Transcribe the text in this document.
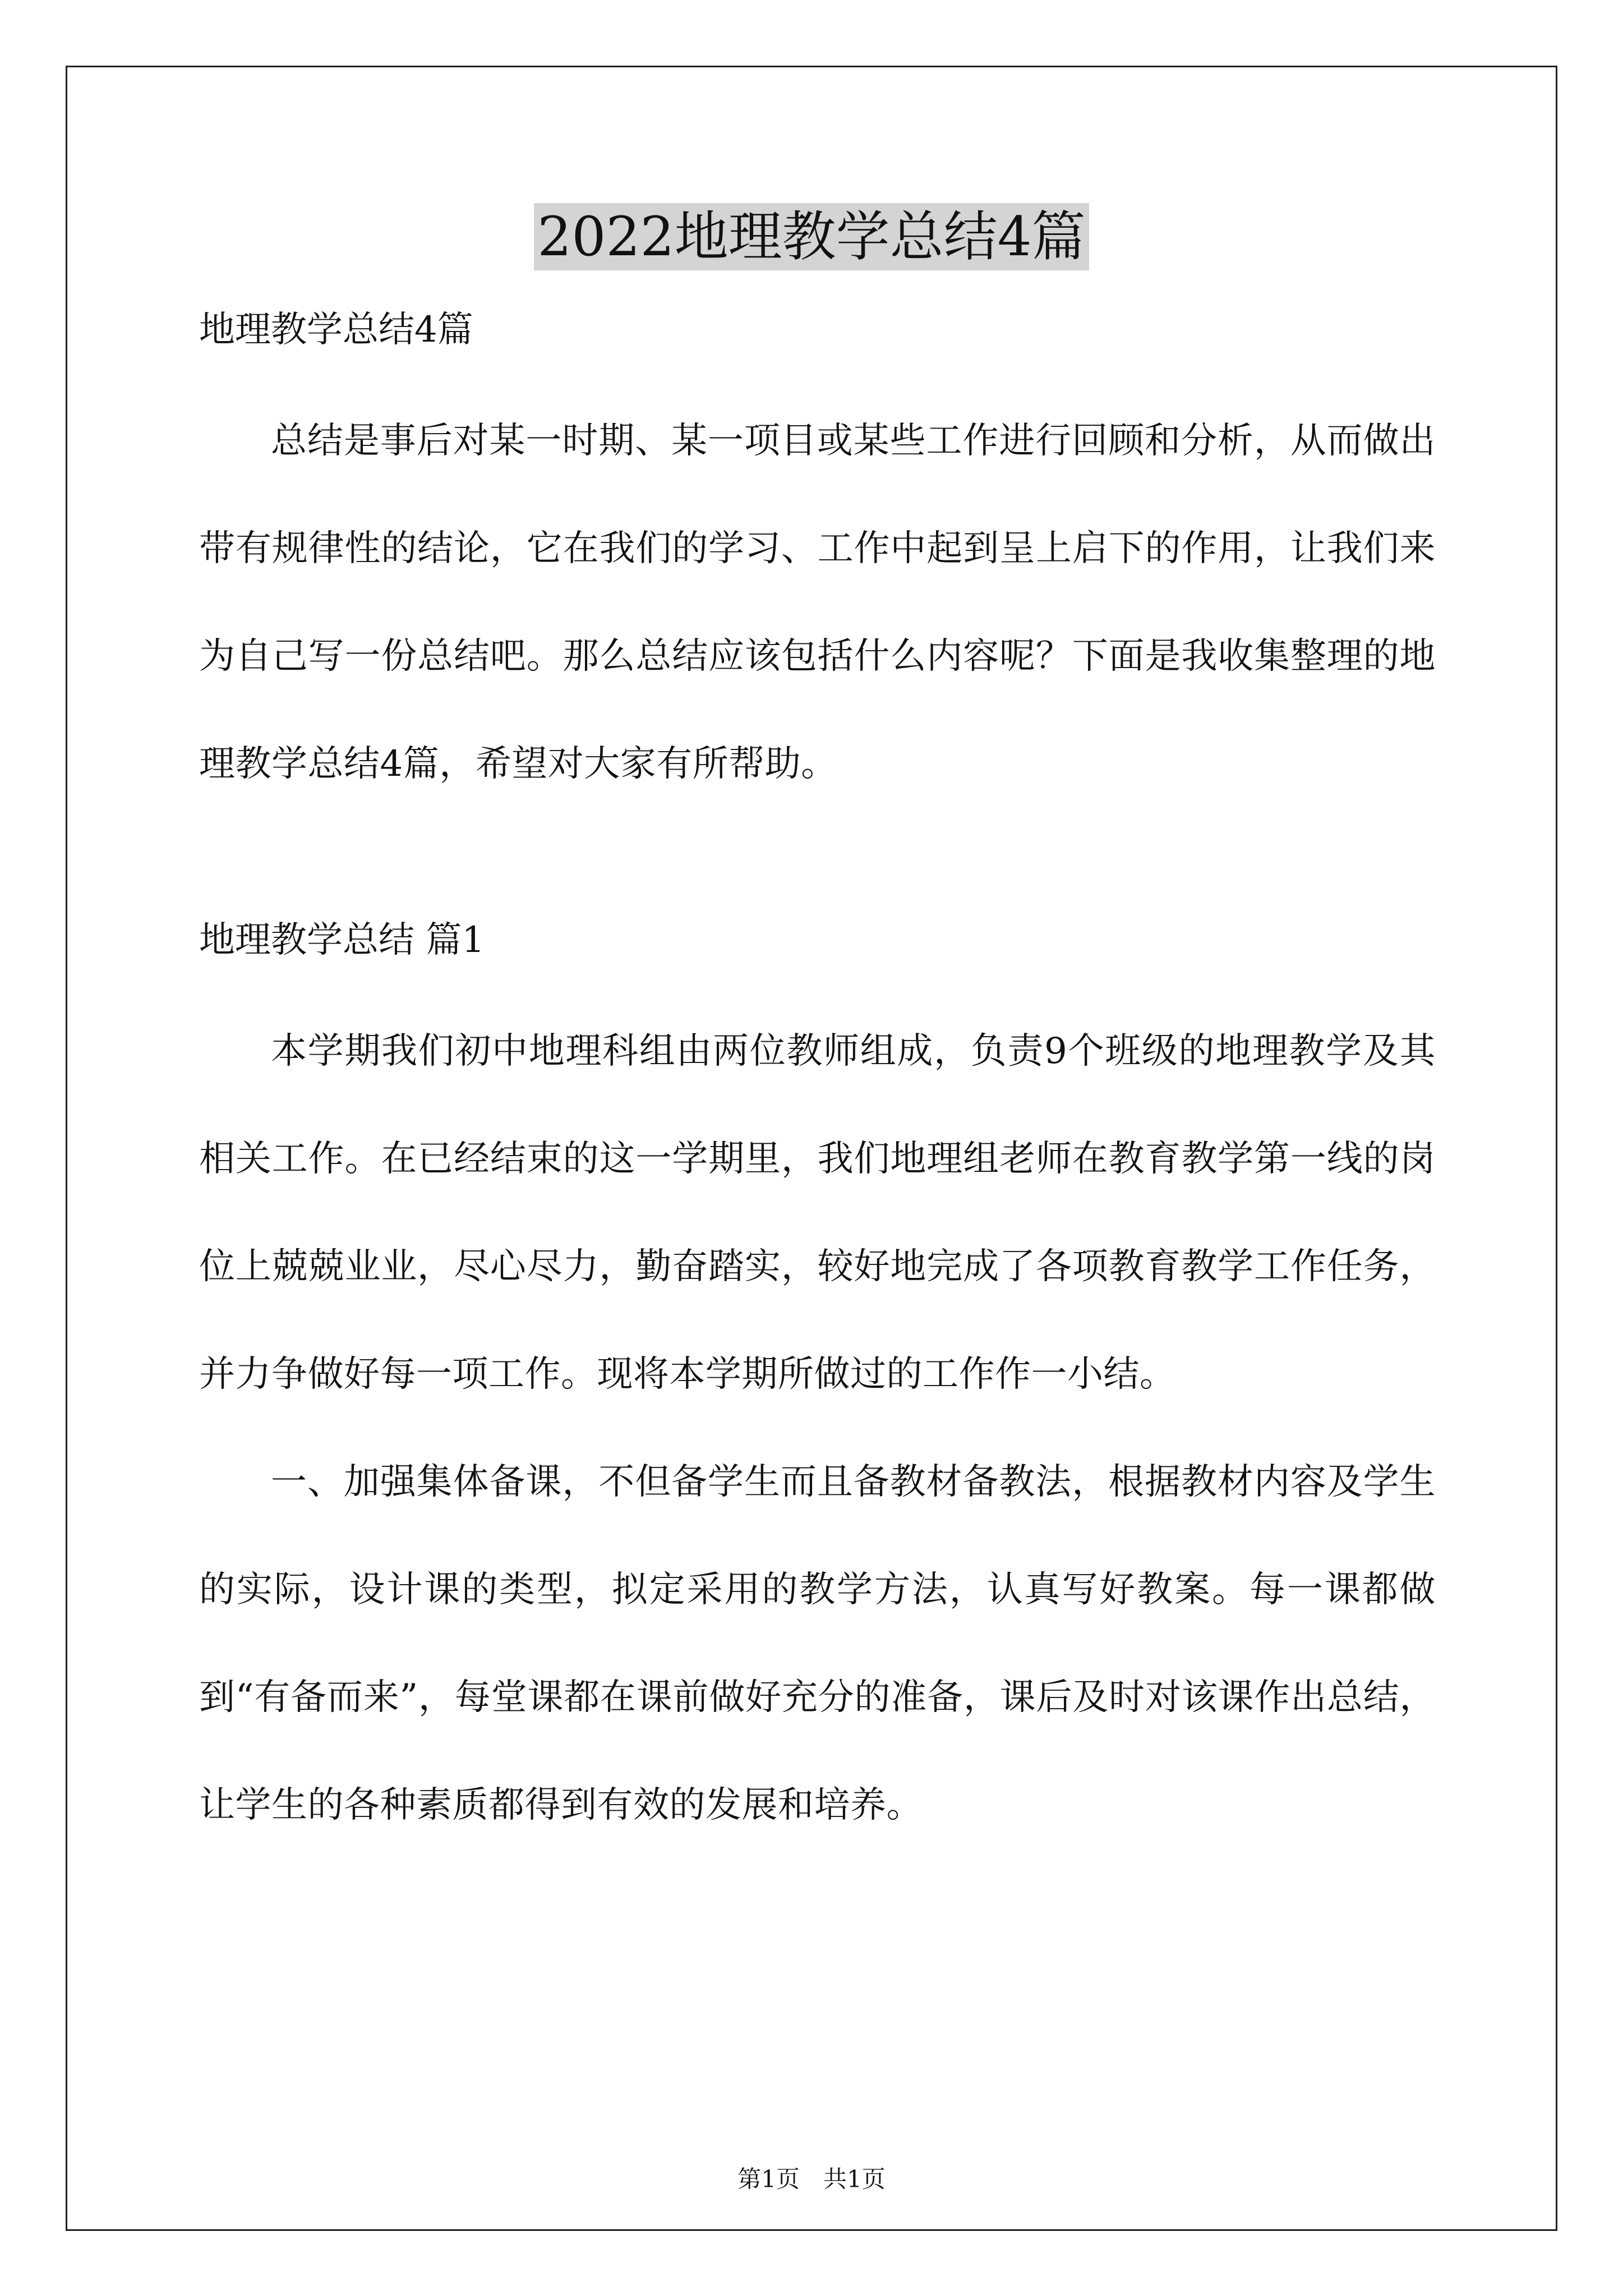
2022地理教学总结4篇

地理教学总结4篇

总结是事后对某一时期、某一项目或某些工作进行回顾和分析，从而做出带有规律性的结论，它在我们的学习、工作中起到呈上启下的作用，让我们来为自己写一份总结吧。那么总结应该包括什么内容呢？下面是我收集整理的地理教学总结4篇，希望对大家有所帮助。

地理教学总结 篇1

本学期我们初中地理科组由两位教师组成，负责9个班级的地理教学及其相关工作。在已经结束的这一学期里，我们地理组老师在教育教学第一线的岗位上兢兢业业，尽心尽力，勤奋踏实，较好地完成了各项教育教学工作任务，并力争做好每一项工作。现将本学期所做过的工作作一小结。

一、加强集体备课，不但备学生而且备教材备教法，根据教材内容及学生的实际，设计课的类型，拟定采用的教学方法，认真写好教案。每一课都做到“有备而来”，每堂课都在课前做好充分的准备，课后及时对该课作出总结，让学生的各种素质都得到有效的发展和培养。

第1页　共1页
